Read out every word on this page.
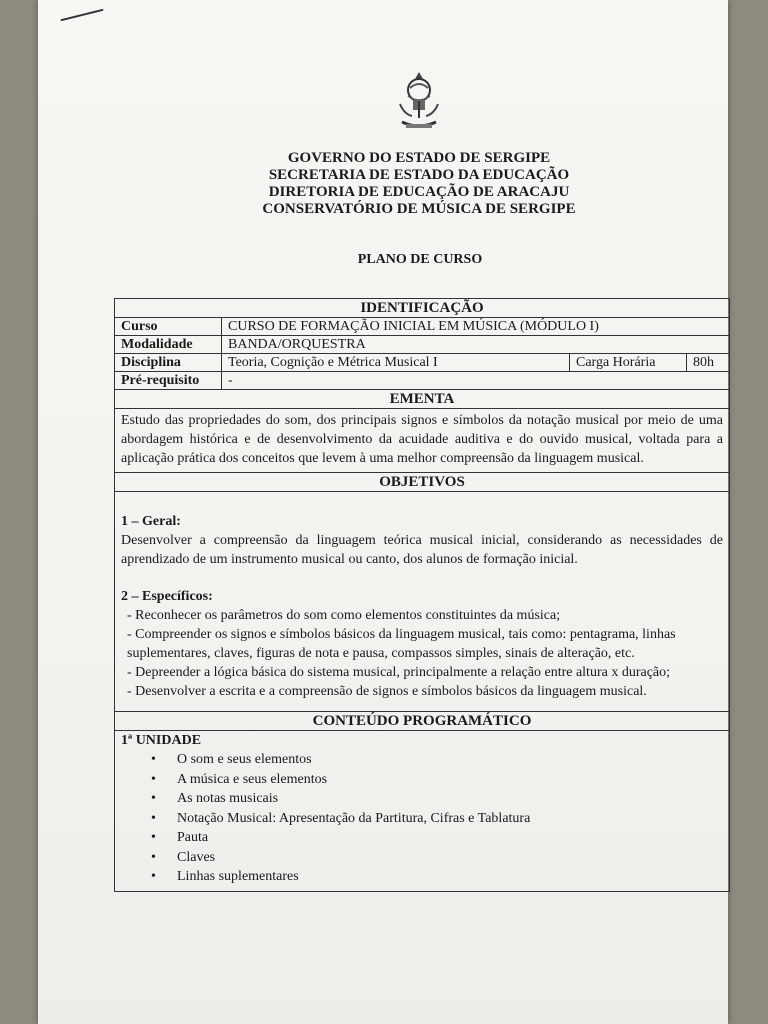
GOVERNO DO ESTADO DE SERGIPE
SECRETARIA DE ESTADO DA EDUCAÇÃO
DIRETORIA DE EDUCAÇÃO DE ARACAJU
CONSERVATÓRIO DE MÚSICA DE SERGIPE
PLANO DE CURSO
IDENTIFICAÇÃO
Curso	CURSO DE FORMAÇÃO INICIAL EM MÚSICA (MÓDULO I)
Modalidade	BANDA/ORQUESTRA
Disciplina	Teoria, Cognição e Métrica Musical I	Carga Horária	80h
Pré-requisito	-
EMENTA
Estudo das propriedades do som, dos principais signos e símbolos da notação musical por meio de uma abordagem histórica e de desenvolvimento da acuidade auditiva e do ouvido musical, voltada para a aplicação prática dos conceitos que levem à uma melhor compreensão da linguagem musical.
OBJETIVOS
1 – Geral:
Desenvolver a compreensão da linguagem teórica musical inicial, considerando as necessidades de aprendizado de um instrumento musical ou canto, dos alunos de formação inicial.
2 – Específicos:
- Reconhecer os parâmetros do som como elementos constituintes da música;
- Compreender os signos e símbolos básicos da linguagem musical, tais como: pentagrama, linhas suplementares, claves, figuras de nota e pausa, compassos simples, sinais de alteração, etc.
- Depreender a lógica básica do sistema musical, principalmente a relação entre altura x duração;
- Desenvolver a escrita e a compreensão de signos e símbolos básicos da linguagem musical.
CONTEÚDO PROGRAMÁTICO
1ª UNIDADE
• O som e seus elementos
• A música e seus elementos
• As notas musicais
• Notação Musical: Apresentação da Partitura, Cifras e Tablatura
• Pauta
• Claves
• Linhas suplementares
